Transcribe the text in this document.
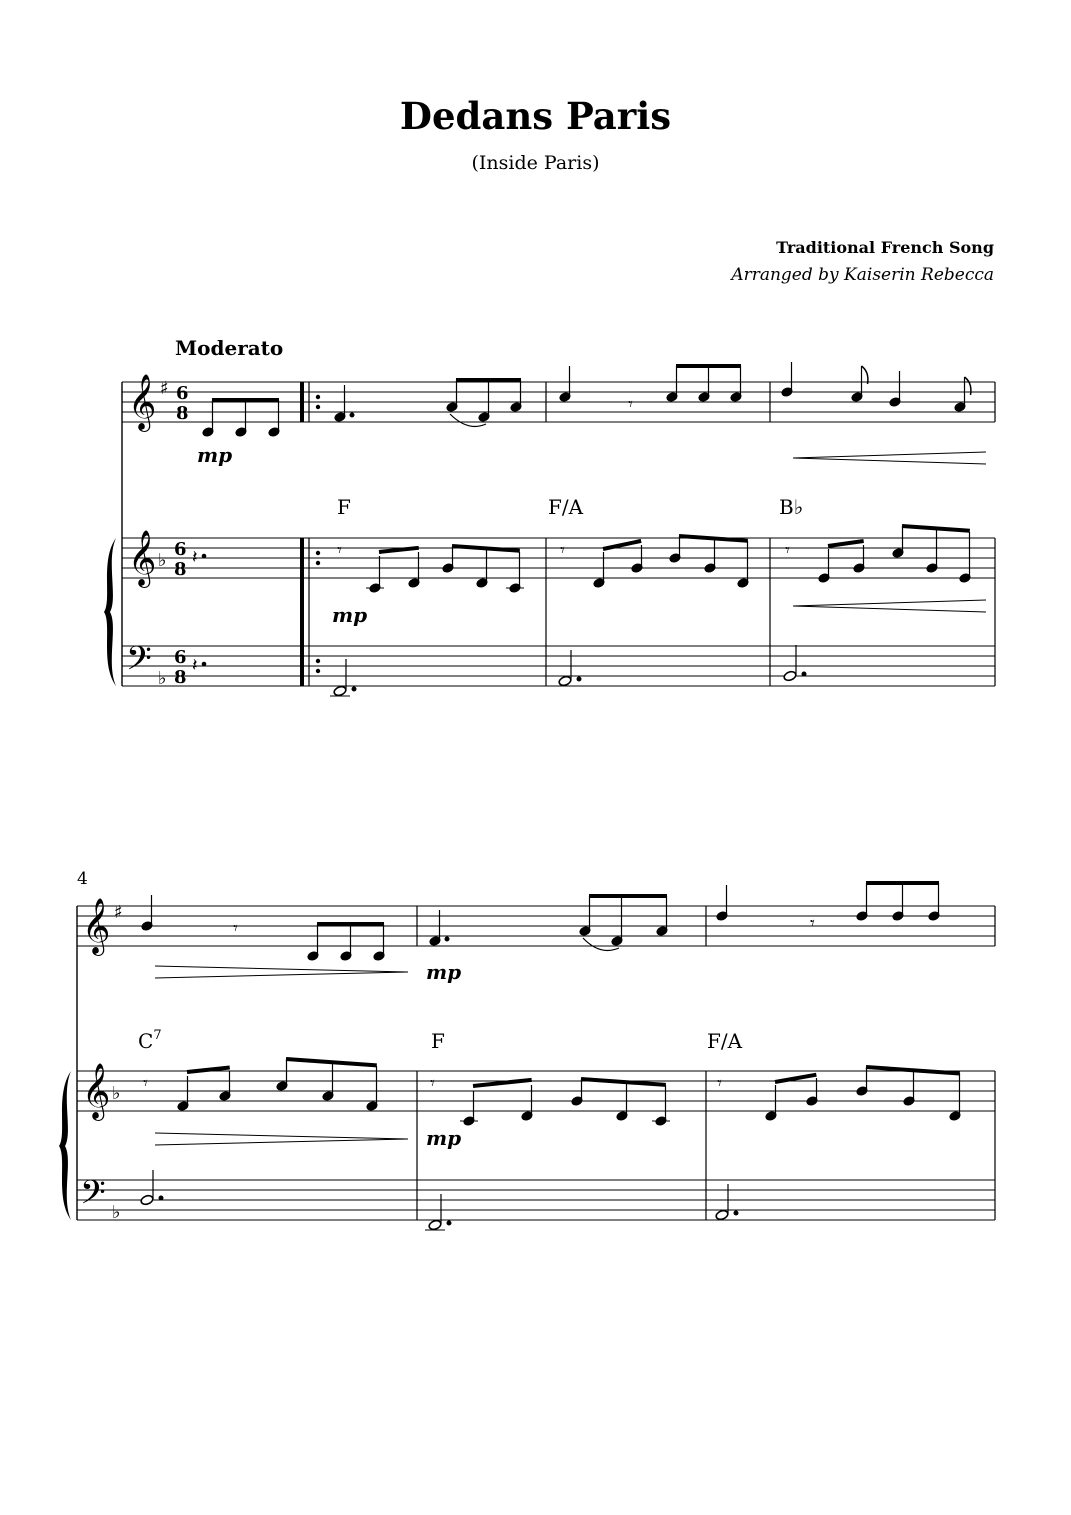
Dedans Paris
(Inside Paris)
Traditional French Song
Arranged by Kaiserin Rebecca
Moderato
𝄞
𝄞
𝄢
♯
♭
♭
6
8
6
8
6
8
𝄾
mp
F	F/A	B♭
𝄽	𝄾	𝄾	𝄾
mp
𝄽
4
𝄞
𝄞
𝄢
♯
♭
♭
𝄾	𝄾
mp
$C^7$	F	F/A
𝄾	𝄾	𝄾
mp
